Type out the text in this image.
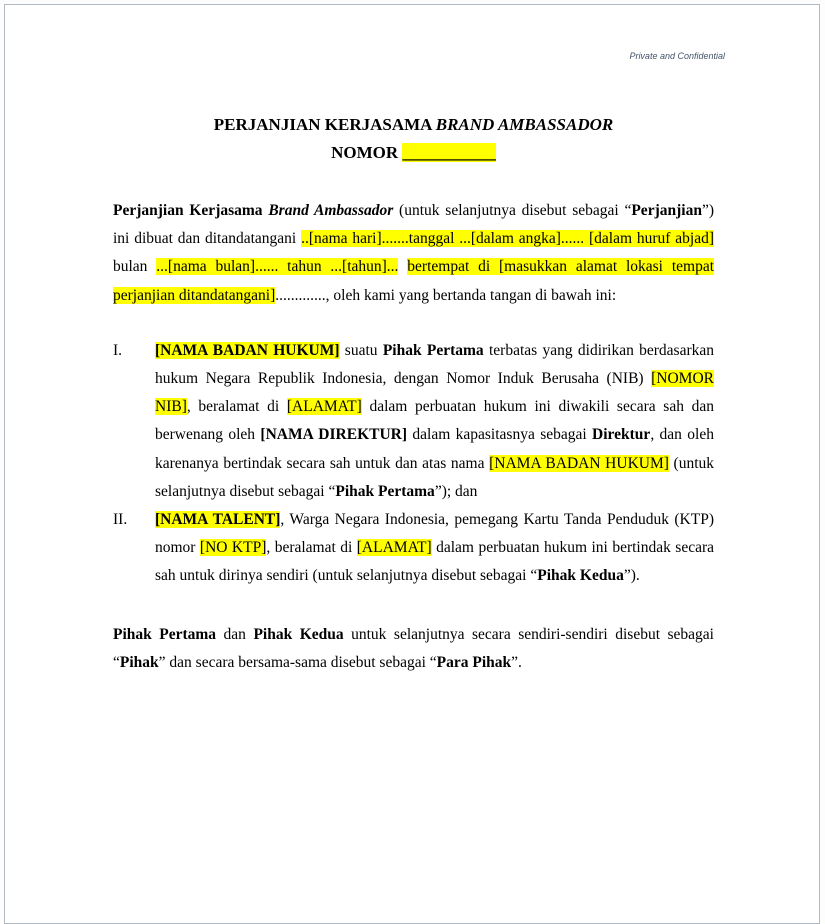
Private and Confidential
PERJANJIAN KERJASAMA BRAND AMBASSADOR
NOMOR ___________
Perjanjian Kerjasama Brand Ambassador (untuk selanjutnya disebut sebagai “Perjanjian”) ini dibuat dan ditandatangani ..[nama hari].......tanggal ...[dalam angka]...... [dalam huruf abjad] bulan ...[nama bulan]...... tahun ...[tahun]... bertempat di [masukkan alamat lokasi tempat perjanjian ditandatangani]............., oleh kami yang bertanda tangan di bawah ini:
I.	[NAMA BADAN HUKUM] suatu Pihak Pertama terbatas yang didirikan berdasarkan hukum Negara Republik Indonesia, dengan Nomor Induk Berusaha (NIB) [NOMOR NIB], beralamat di [ALAMAT] dalam perbuatan hukum ini diwakili secara sah dan berwenang oleh [NAMA DIREKTUR] dalam kapasitasnya sebagai Direktur, dan oleh karenanya bertindak secara sah untuk dan atas nama [NAMA BADAN HUKUM] (untuk selanjutnya disebut sebagai “Pihak Pertama”); dan
II.	[NAMA TALENT], Warga Negara Indonesia, pemegang Kartu Tanda Penduduk (KTP) nomor [NO KTP], beralamat di [ALAMAT] dalam perbuatan hukum ini bertindak secara sah untuk dirinya sendiri (untuk selanjutnya disebut sebagai “Pihak Kedua”).
Pihak Pertama dan Pihak Kedua untuk selanjutnya secara sendiri-sendiri disebut sebagai “Pihak” dan secara bersama-sama disebut sebagai “Para Pihak”.
